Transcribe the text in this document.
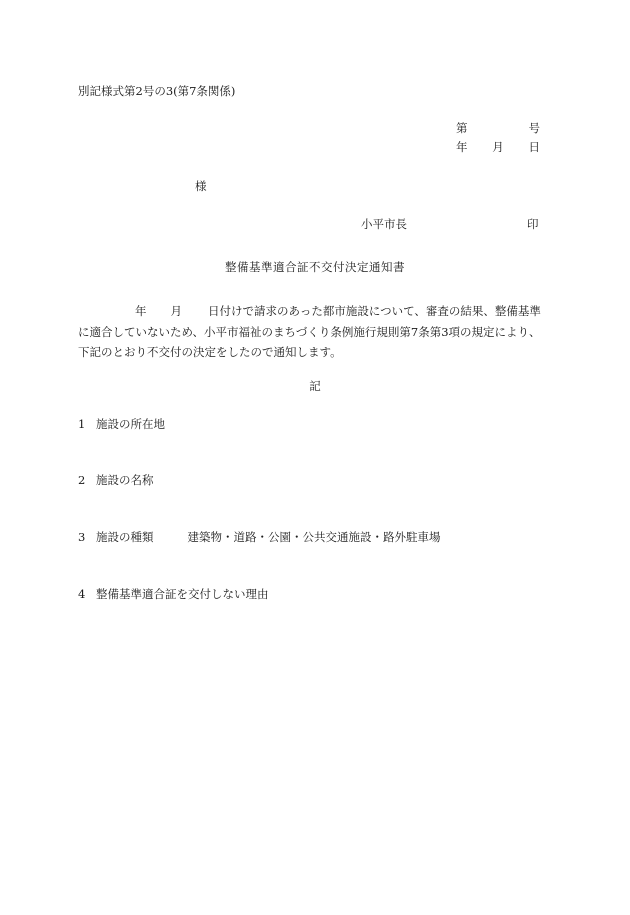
別記様式第2号の3(第7条関係)
第	号
年 月 日
様
小平市長	印
整備基準適合証不交付決定通知書
年 月 日付けで請求のあった都市施設について、審査の結果、整備基準
に適合していないため、小平市福祉のまちづくり条例施行規則第7条第3項の規定により、
下記のとおり不交付の決定をしたので通知します。
記
1 施設の所在地
2 施設の名称
3 施設の種類	建築物・道路・公園・公共交通施設・路外駐車場
4 整備基準適合証を交付しない理由
